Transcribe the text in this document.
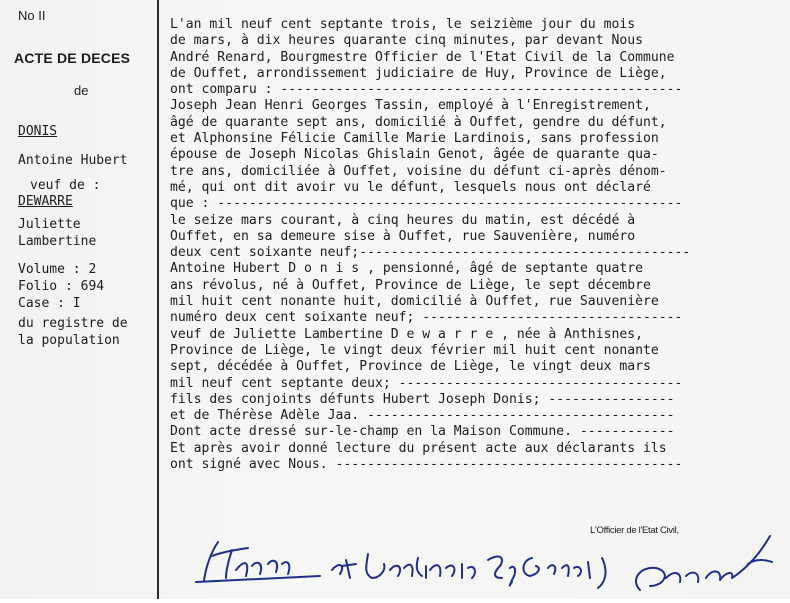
No II
ACTE DE DECES
de
DONIS
Antoine Hubert
veuf de :
DEWARRE
Juliette
Lambertine
Volume : 2
Folio : 694
Case : I
du registre de
la population
L'an mil neuf cent septante trois, le seizième jour du mois
de mars, à dix heures quarante cinq minutes, par devant Nous
André Renard, Bourgmestre Officier de l'Etat Civil de la Commune
de Ouffet, arrondissement judiciaire de Huy, Province de Liège,
ont comparu : ---------------------------------------------------
Joseph Jean Henri Georges Tassin, employé à l'Enregistrement,
âgé de quarante sept ans, domicilié à Ouffet, gendre du défunt,
et Alphonsine Félicie Camille Marie Lardinois, sans profession
épouse de Joseph Nicolas Ghislain Genot, âgée de quarante qua-
tre ans, domiciliée à Ouffet, voisine du défunt ci-après dénom-
mé, qui ont dit avoir vu le défunt, lesquels nous ont déclaré
que : -----------------------------------------------------------
le seize mars courant, à cinq heures du matin, est décédé à
Ouffet, en sa demeure sise à Ouffet, rue Sauvenière, numéro
deux cent soixante neuf;------------------------------------------
Antoine Hubert D o n i s , pensionné, âgé de septante quatre
ans révolus, né à Ouffet, Province de Liège, le sept décembre
mil huit cent nonante huit, domicilié à Ouffet, rue Sauvenière
numéro deux cent soixante neuf; ---------------------------------
veuf de Juliette Lambertine D e w a r r e , née à Anthisnes,
Province de Liège, le vingt deux février mil huit cent nonante
sept, décédée à Ouffet, Province de Liège, le vingt deux mars
mil neuf cent septante deux; ------------------------------------
fils des conjoints défunts Hubert Joseph Donis; ----------------
et de Thérèse Adèle Jaa. ---------------------------------------
Dont acte dressé sur-le-champ en la Maison Commune. ------------
Et après avoir donné lecture du présent acte aux déclarants ils
ont signé avec Nous. --------------------------------------------
L'Officier de l'Etat Civil,
Tassin et Lardinois Ep. Genot J.
